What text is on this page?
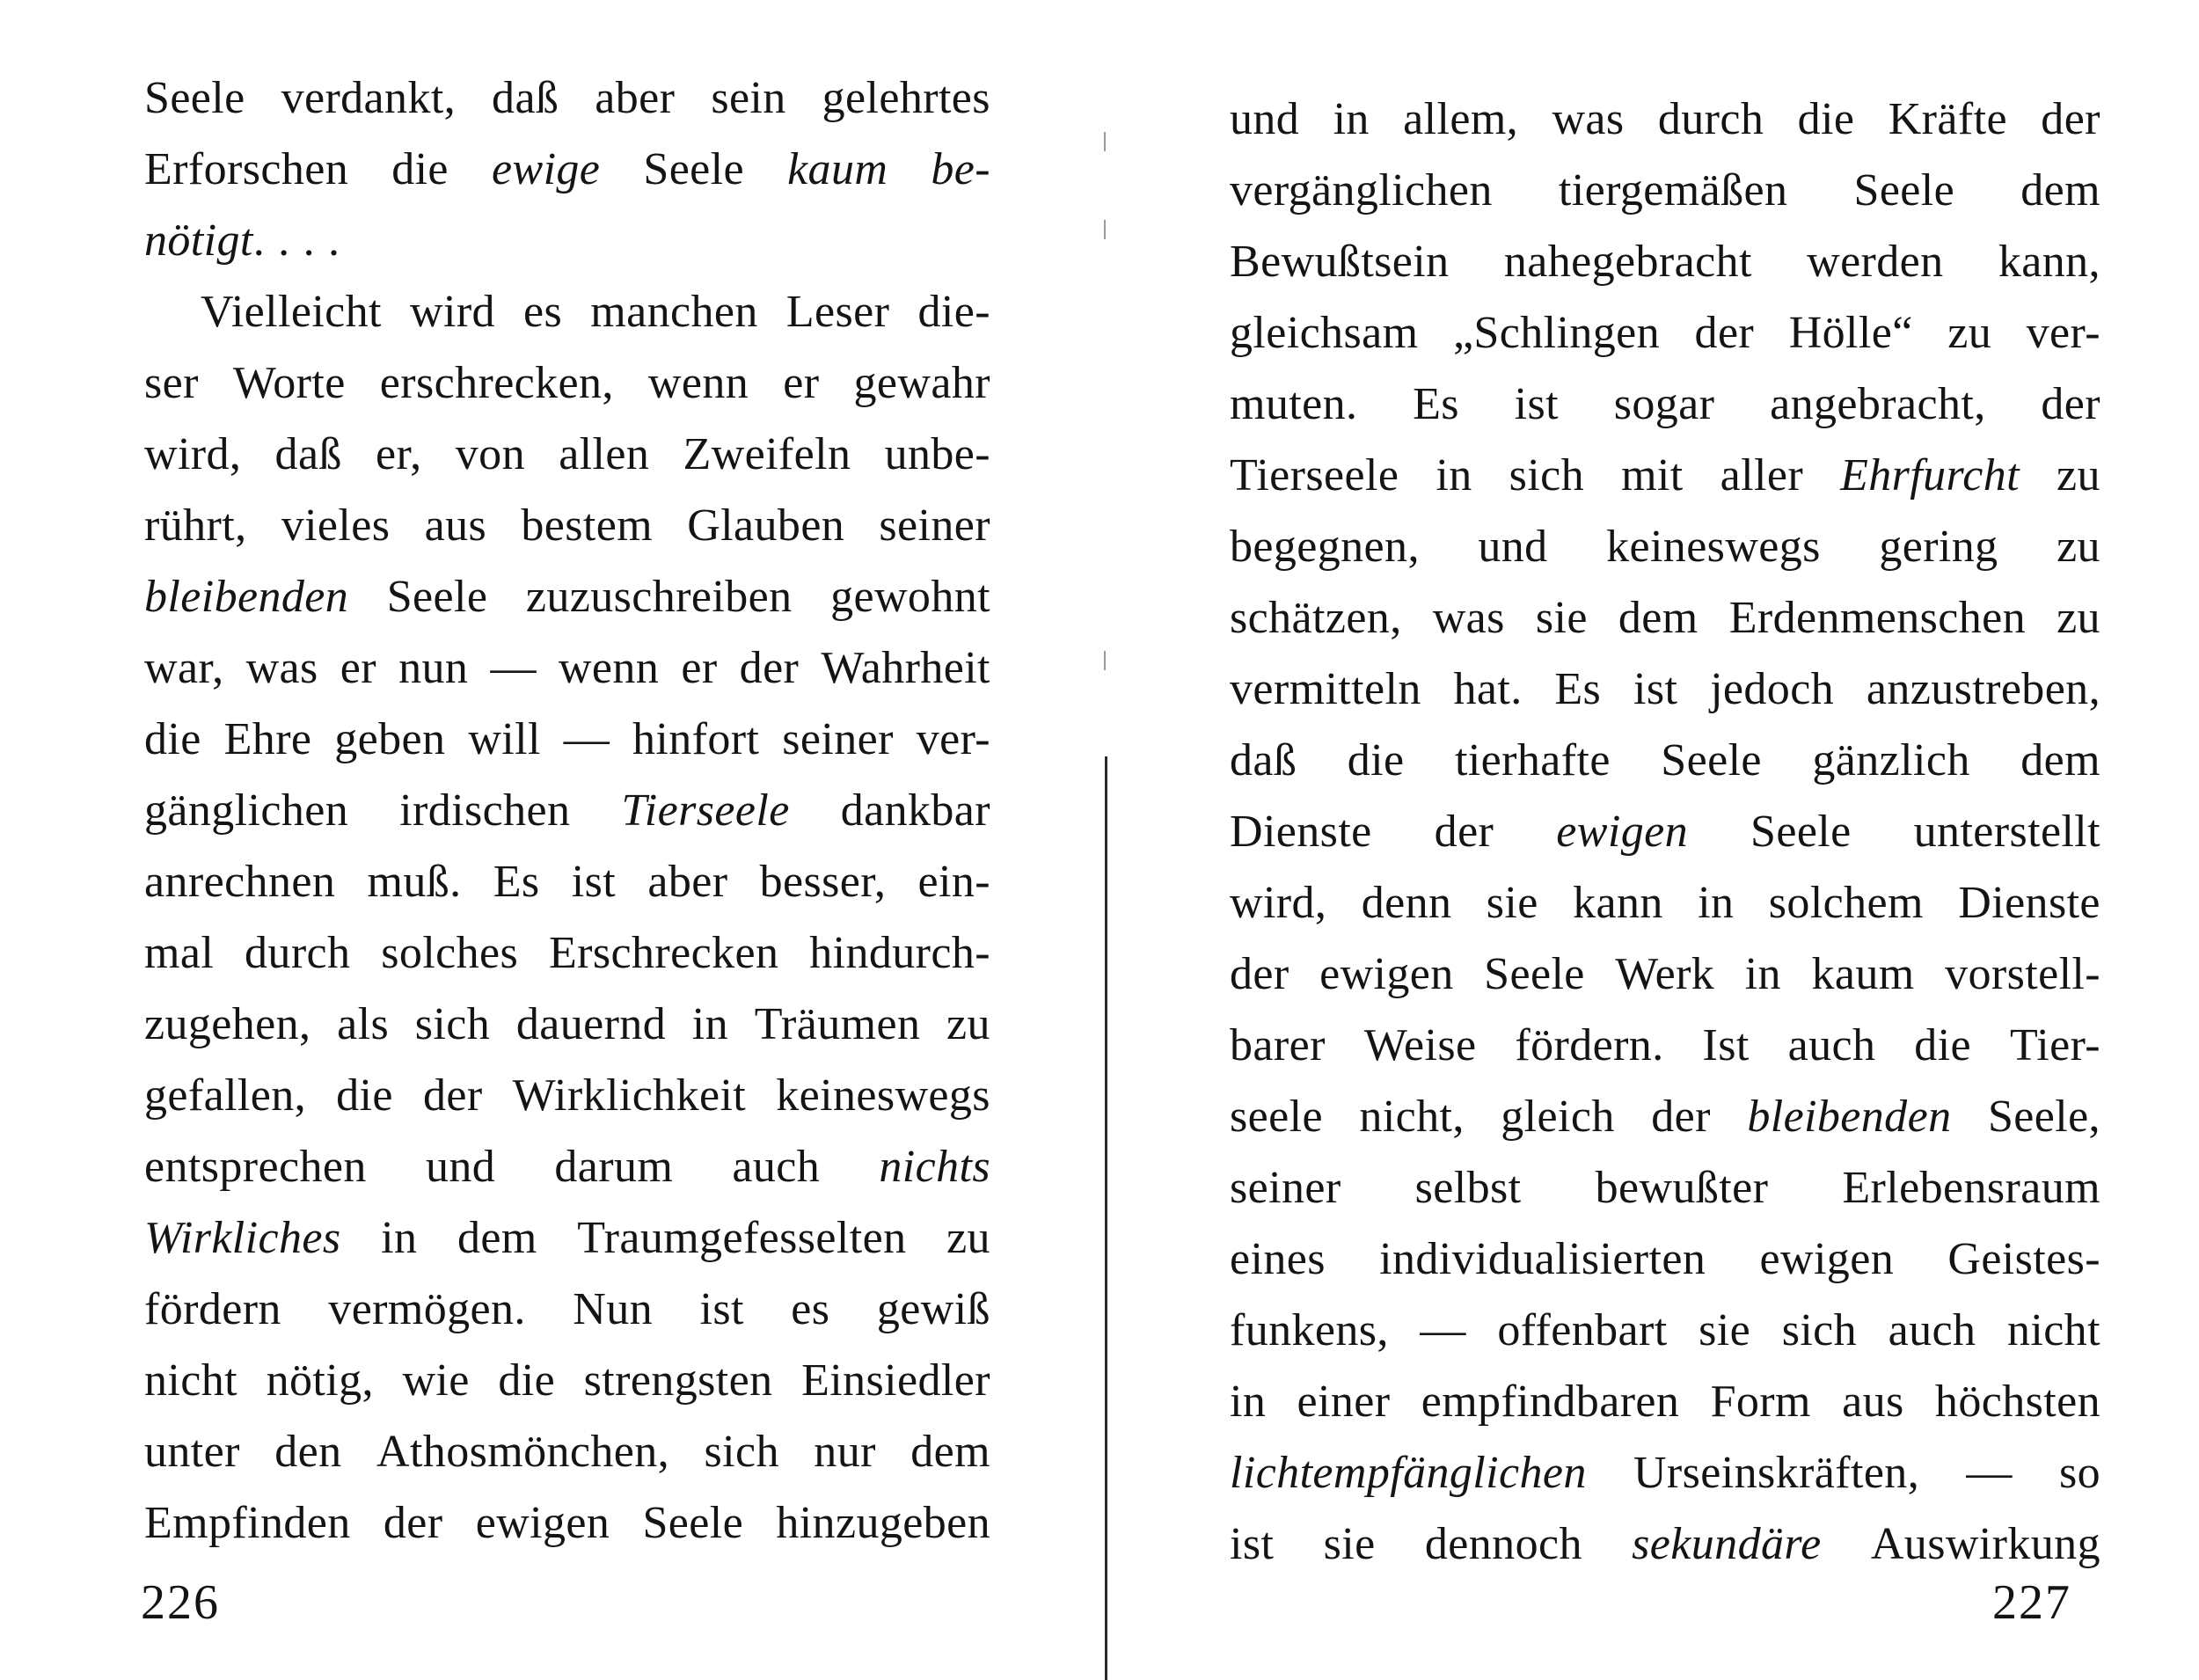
Seele verdankt, daß aber sein gelehrtes
Erforschen die ewige Seele kaum be-
nötigt. . . .
Vielleicht wird es manchen Leser die-
ser Worte erschrecken, wenn er gewahr
wird, daß er, von allen Zweifeln unbe-
rührt, vieles aus bestem Glauben seiner
bleibenden Seele zuzuschreiben gewohnt
war, was er nun — wenn er der Wahrheit
die Ehre geben will — hinfort seiner ver-
gänglichen irdischen Tierseele dankbar
anrechnen muß. Es ist aber besser, ein-
mal durch solches Erschrecken hindurch-
zugehen, als sich dauernd in Träumen zu
gefallen, die der Wirklichkeit keineswegs
entsprechen und darum auch nichts
Wirkliches in dem Traumgefesselten zu
fördern vermögen. Nun ist es gewiß
nicht nötig, wie die strengsten Einsiedler
unter den Athosmönchen, sich nur dem
Empfinden der ewigen Seele hinzugeben
226
und in allem, was durch die Kräfte der
vergänglichen tiergemäßen Seele dem
Bewußtsein nahegebracht werden kann,
gleichsam „Schlingen der Hölle“ zu ver-
muten. Es ist sogar angebracht, der
Tierseele in sich mit aller Ehrfurcht zu
begegnen, und keineswegs gering zu
schätzen, was sie dem Erdenmenschen zu
vermitteln hat. Es ist jedoch anzustreben,
daß die tierhafte Seele gänzlich dem
Dienste der ewigen Seele unterstellt
wird, denn sie kann in solchem Dienste
der ewigen Seele Werk in kaum vorstell-
barer Weise fördern. Ist auch die Tier-
seele nicht, gleich der bleibenden Seele,
seiner selbst bewußter Erlebensraum
eines individualisierten ewigen Geistes-
funkens, — offenbart sie sich auch nicht
in einer empfindbaren Form aus höchsten
lichtempfänglichen Urseinskräften, — so
ist sie dennoch sekundäre Auswirkung
227
